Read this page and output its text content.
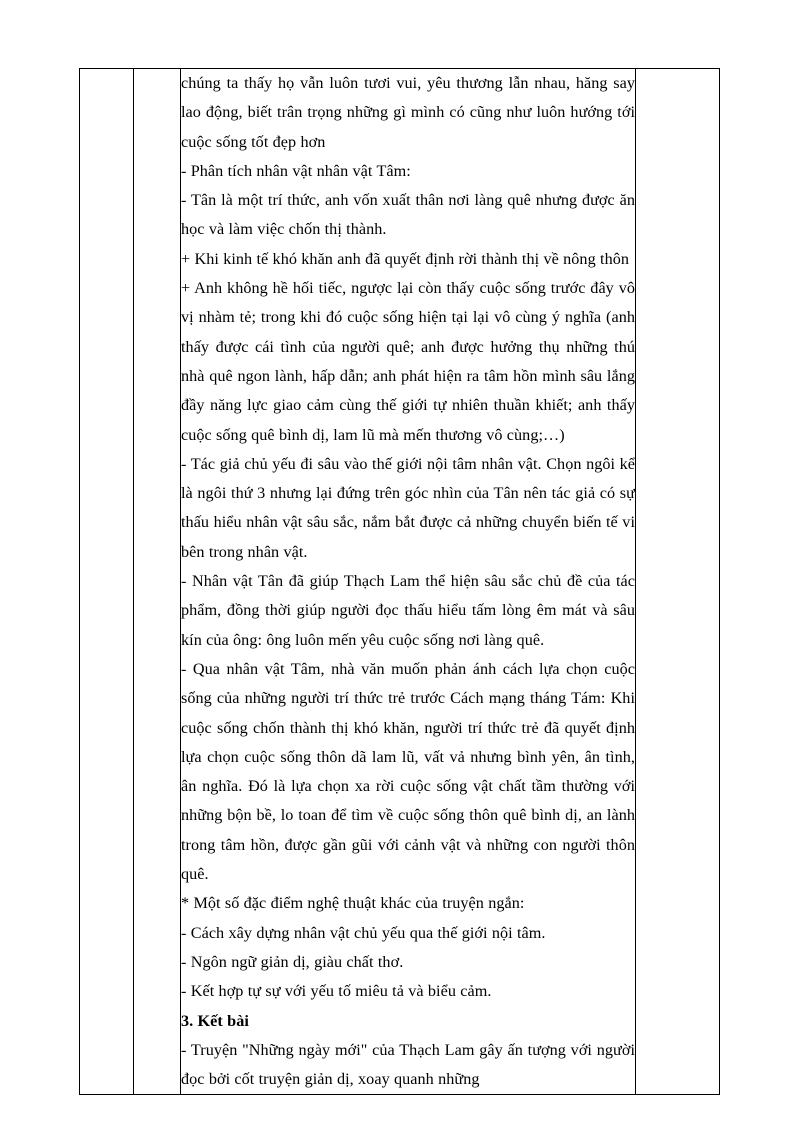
chúng ta thấy họ vẫn luôn tươi vui, yêu thương lẫn nhau, hăng say lao động, biết trân trọng những gì mình có cũng như luôn hướng tới cuộc sống tốt đẹp hơn

- Phân tích nhân vật nhân vật Tâm:

- Tân là một trí thức, anh vốn xuất thân nơi làng quê nhưng được ăn học và làm việc chốn thị thành.

+ Khi kinh tế khó khăn anh đã quyết định rời thành thị về nông thôn

+ Anh không hề hối tiếc, ngược lại còn thấy cuộc sống trước đây vô vị nhàm tẻ; trong khi đó cuộc sống hiện tại lại vô cùng ý nghĩa (anh thấy được cái tình của người quê; anh được hưởng thụ những thú nhà quê ngon lành, hấp dẫn; anh phát hiện ra tâm hồn mình sâu lắng đầy năng lực giao cảm cùng thế giới tự nhiên thuần khiết; anh thấy cuộc sống quê bình dị, lam lũ mà mến thương vô cùng;…)

- Tác giả chủ yếu đi sâu vào thế giới nội tâm nhân vật. Chọn ngôi kể là ngôi thứ 3 nhưng lại đứng trên góc nhìn của Tân nên tác giả có sự thấu hiểu nhân vật sâu sắc, nắm bắt được cả những chuyển biến tế vi bên trong nhân vật.

- Nhân vật Tân đã giúp Thạch Lam thể hiện sâu sắc chủ đề của tác phẩm, đồng thời giúp người đọc thấu hiểu tấm lòng êm mát và sâu kín của ông: ông luôn mến yêu cuộc sống nơi làng quê.

- Qua nhân vật Tâm, nhà văn muốn phản ánh cách lựa chọn cuộc sống của những người trí thức trẻ trước Cách mạng tháng Tám: Khi cuộc sống chốn thành thị khó khăn, người trí thức trẻ đã quyết định lựa chọn cuộc sống thôn dã lam lũ, vất vả nhưng bình yên, ân tình, ân nghĩa. Đó là lựa chọn xa rời cuộc sống vật chất tầm thường với những bộn bề, lo toan để tìm về cuộc sống thôn quê bình dị, an lành trong tâm hồn, được gần gũi với cảnh vật và những con người thôn quê.

* Một số đặc điểm nghệ thuật khác của truyện ngắn:

- Cách xây dựng nhân vật chủ yếu qua thế giới nội tâm.

- Ngôn ngữ giản dị, giàu chất thơ.

- Kết hợp tự sự với yếu tố miêu tả và biểu cảm.

3. Kết bài

- Truyện "Những ngày mới" của Thạch Lam gây ấn tượng với người đọc bởi cốt truyện giản dị, xoay quanh những
